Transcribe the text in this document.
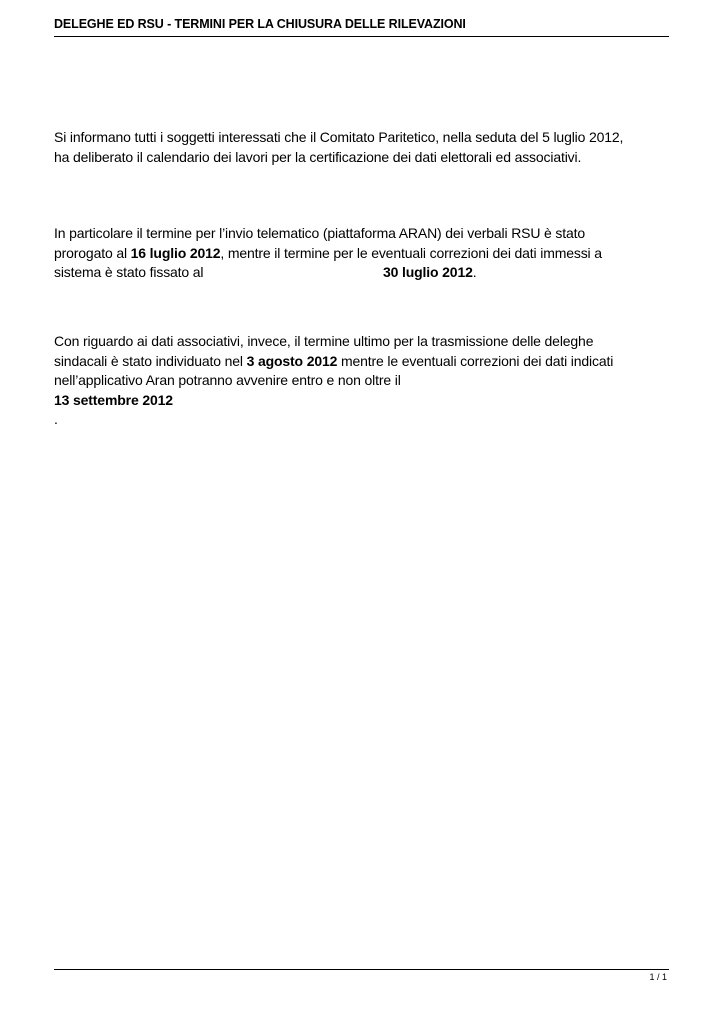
DELEGHE ED RSU - TERMINI PER LA CHIUSURA DELLE RILEVAZIONI
Si informano tutti i soggetti interessati che il Comitato Paritetico, nella seduta del 5 luglio 2012,
ha deliberato il calendario dei lavori per la certificazione dei dati elettorali ed associativi.
In particolare il termine per l’invio telematico (piattaforma ARAN) dei verbali RSU è stato
prorogato al 16 luglio 2012, mentre il termine per le eventuali correzioni dei dati immessi a
sistema è stato fissato al	30 luglio 2012.
Con riguardo ai dati associativi, invece, il termine ultimo per la trasmissione delle deleghe
sindacali è stato individuato nel 3 agosto 2012 mentre le eventuali correzioni dei dati indicati
nell’applicativo Aran potranno avvenire entro e non oltre il
13 settembre 2012
.
1 / 1
